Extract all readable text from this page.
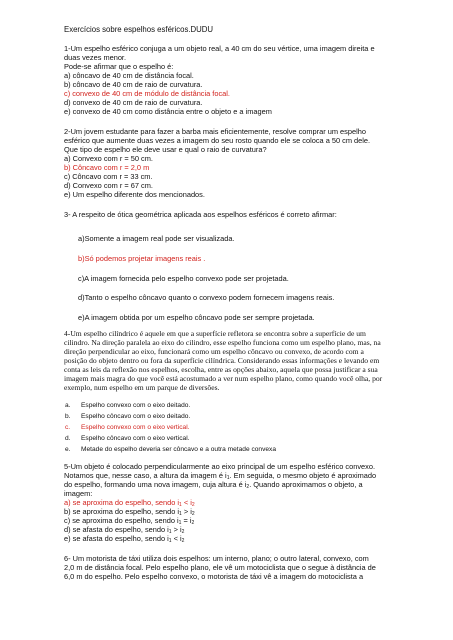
Exercícios sobre espelhos esféricos.DUDU
1-Um espelho esférico conjuga a um objeto real, a 40 cm do seu vértice, uma imagem direita e
duas vezes menor.
Pode-se afirmar que o espelho é:
a) côncavo de 40 cm de distância focal.
b) côncavo de 40 cm de raio de curvatura.
c) convexo de 40 cm de módulo de distância focal.
d) convexo de 40 cm de raio de curvatura.
e) convexo de 40 cm como distância entre o objeto e a imagem
2-Um jovem estudante para fazer a barba mais eficientemente, resolve comprar um espelho
esférico que aumente duas vezes a imagem do seu rosto quando ele se coloca a 50 cm dele.
Que tipo de espelho ele deve usar e qual o raio de curvatura?
a) Convexo com r = 50 cm.
b) Côncavo com r = 2,0 m
c) Côncavo com r = 33 cm.
d) Convexo com r = 67 cm.
e) Um espelho diferente dos mencionados.
3- A respeito de ótica geométrica aplicada aos espelhos esféricos é correto afirmar:
a)Somente a imagem real pode ser visualizada.
b)Só podemos projetar imagens reais .
c)A imagem fornecida pelo espelho convexo pode ser projetada.
d)Tanto o espelho côncavo quanto o convexo podem fornecem imagens reais.
e)A imagem obtida por um espelho côncavo pode ser sempre projetada.
4-Um espelho cilíndrico é aquele em que a superfície refletora se encontra sobre a superfície de um
cilindro. Na direção paralela ao eixo do cilindro, esse espelho funciona como um espelho plano, mas, na
direção perpendicular ao eixo, funcionará como um espelho côncavo ou convexo, de acordo com a
posição do objeto dentro ou fora da superfície cilíndrica. Considerando essas informações e levando em
conta as leis da reflexão nos espelhos, escolha, entre as opções abaixo, aquela que possa justificar a sua
imagem mais magra do que você está acostumado a ver num espelho plano, como quando você olha, por
exemplo, num espelho em um parque de diversões.
a. Espelho convexo com o eixo deitado.
b. Espelho côncavo com o eixo deitado.
c. Espelho convexo com o eixo vertical.
d. Espelho côncavo com o eixo vertical.
e. Metade do espelho deveria ser côncavo e a outra metade convexa
5-Um objeto é colocado perpendicularmente ao eixo principal de um espelho esférico convexo.
Notamos que, nesse caso, a altura da imagem é $i_1$. Em seguida, o mesmo objeto é aproximado
do espelho, formando uma nova imagem, cuja altura é $i_2$. Quando aproximamos o objeto, a
imagem:
a) se aproxima do espelho, sendo $i_1 < i_2$
b) se aproxima do espelho, sendo $i_1 > i_2$
c) se aproxima do espelho, sendo $i_1 = i_2$
d) se afasta do espelho, sendo $i_1 > i_2$
e) se afasta do espelho, sendo $i_1 < i_2$
6- Um motorista de táxi utiliza dois espelhos: um interno, plano; o outro lateral, convexo, com
2,0 m de distância focal. Pelo espelho plano, ele vê um motociclista que o segue à distância de
6,0 m do espelho. Pelo espelho convexo, o motorista de táxi vê a imagem do motociclista a
